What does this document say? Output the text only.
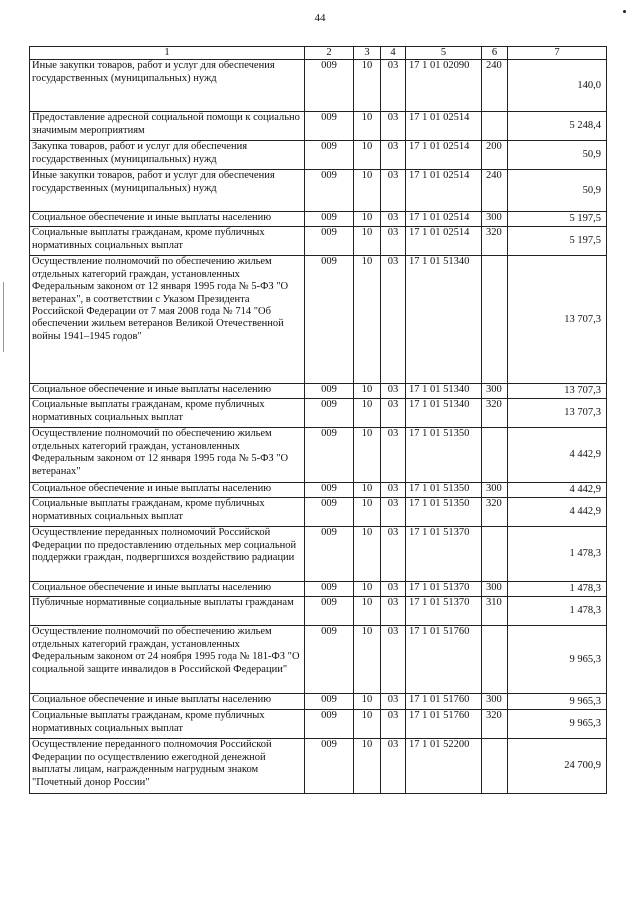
44
1	2	3	4	5	6	7
Иные закупки товаров, работ и услуг для обеспечения государственных (муниципальных) нужд	009	10	03	17 1 01 02090	240	140,0
Предоставление адресной социальной помощи к социально значимым мероприятиям	009	10	03	17 1 01 02514		5 248,4
Закупка товаров, работ и услуг для обеспечения государственных (муниципальных) нужд	009	10	03	17 1 01 02514	200	50,9
Иные закупки товаров, работ и услуг для обеспечения государственных (муниципальных) нужд	009	10	03	17 1 01 02514	240	50,9
Социальное обеспечение и иные выплаты населению	009	10	03	17 1 01 02514	300	5 197,5
Социальные выплаты гражданам, кроме публичных нормативных социальных выплат	009	10	03	17 1 01 02514	320	5 197,5
Осуществление полномочий по обеспечению жильем отдельных категорий граждан, установленных Федеральным законом от 12 января 1995 года № 5-ФЗ "О ветеранах", в соответствии с Указом Президента Российской Федерации от 7 мая 2008 года № 714 "Об обеспечении жильем ветеранов Великой Отечественной войны 1941–1945 годов"	009	10	03	17 1 01 51340		13 707,3
Социальное обеспечение и иные выплаты населению	009	10	03	17 1 01 51340	300	13 707,3
Социальные выплаты гражданам, кроме публичных нормативных социальных выплат	009	10	03	17 1 01 51340	320	13 707,3
Осуществление полномочий по обеспечению жильем отдельных категорий граждан, установленных Федеральным законом от 12 января 1995 года № 5-ФЗ "О ветеранах"	009	10	03	17 1 01 51350		4 442,9
Социальное обеспечение и иные выплаты населению	009	10	03	17 1 01 51350	300	4 442,9
Социальные выплаты гражданам, кроме публичных нормативных социальных выплат	009	10	03	17 1 01 51350	320	4 442,9
Осуществление переданных полномочий Российской Федерации по предоставлению отдельных мер социальной поддержки граждан, подвергшихся воздействию радиации	009	10	03	17 1 01 51370		1 478,3
Социальное обеспечение и иные выплаты населению	009	10	03	17 1 01 51370	300	1 478,3
Публичные нормативные социальные выплаты гражданам	009	10	03	17 1 01 51370	310	1 478,3
Осуществление полномочий по обеспечению жильем отдельных категорий граждан, установленных Федеральным законом от 24 ноября 1995 года № 181-ФЗ "О социальной защите инвалидов в Российской Федерации"	009	10	03	17 1 01 51760		9 965,3
Социальное обеспечение и иные выплаты населению	009	10	03	17 1 01 51760	300	9 965,3
Социальные выплаты гражданам, кроме публичных нормативных социальных выплат	009	10	03	17 1 01 51760	320	9 965,3
Осуществление переданного полномочия Российской Федерации по осуществлению ежегодной денежной выплаты лицам, награжденным нагрудным знаком "Почетный донор России"	009	10	03	17 1 01 52200		24 700,9
